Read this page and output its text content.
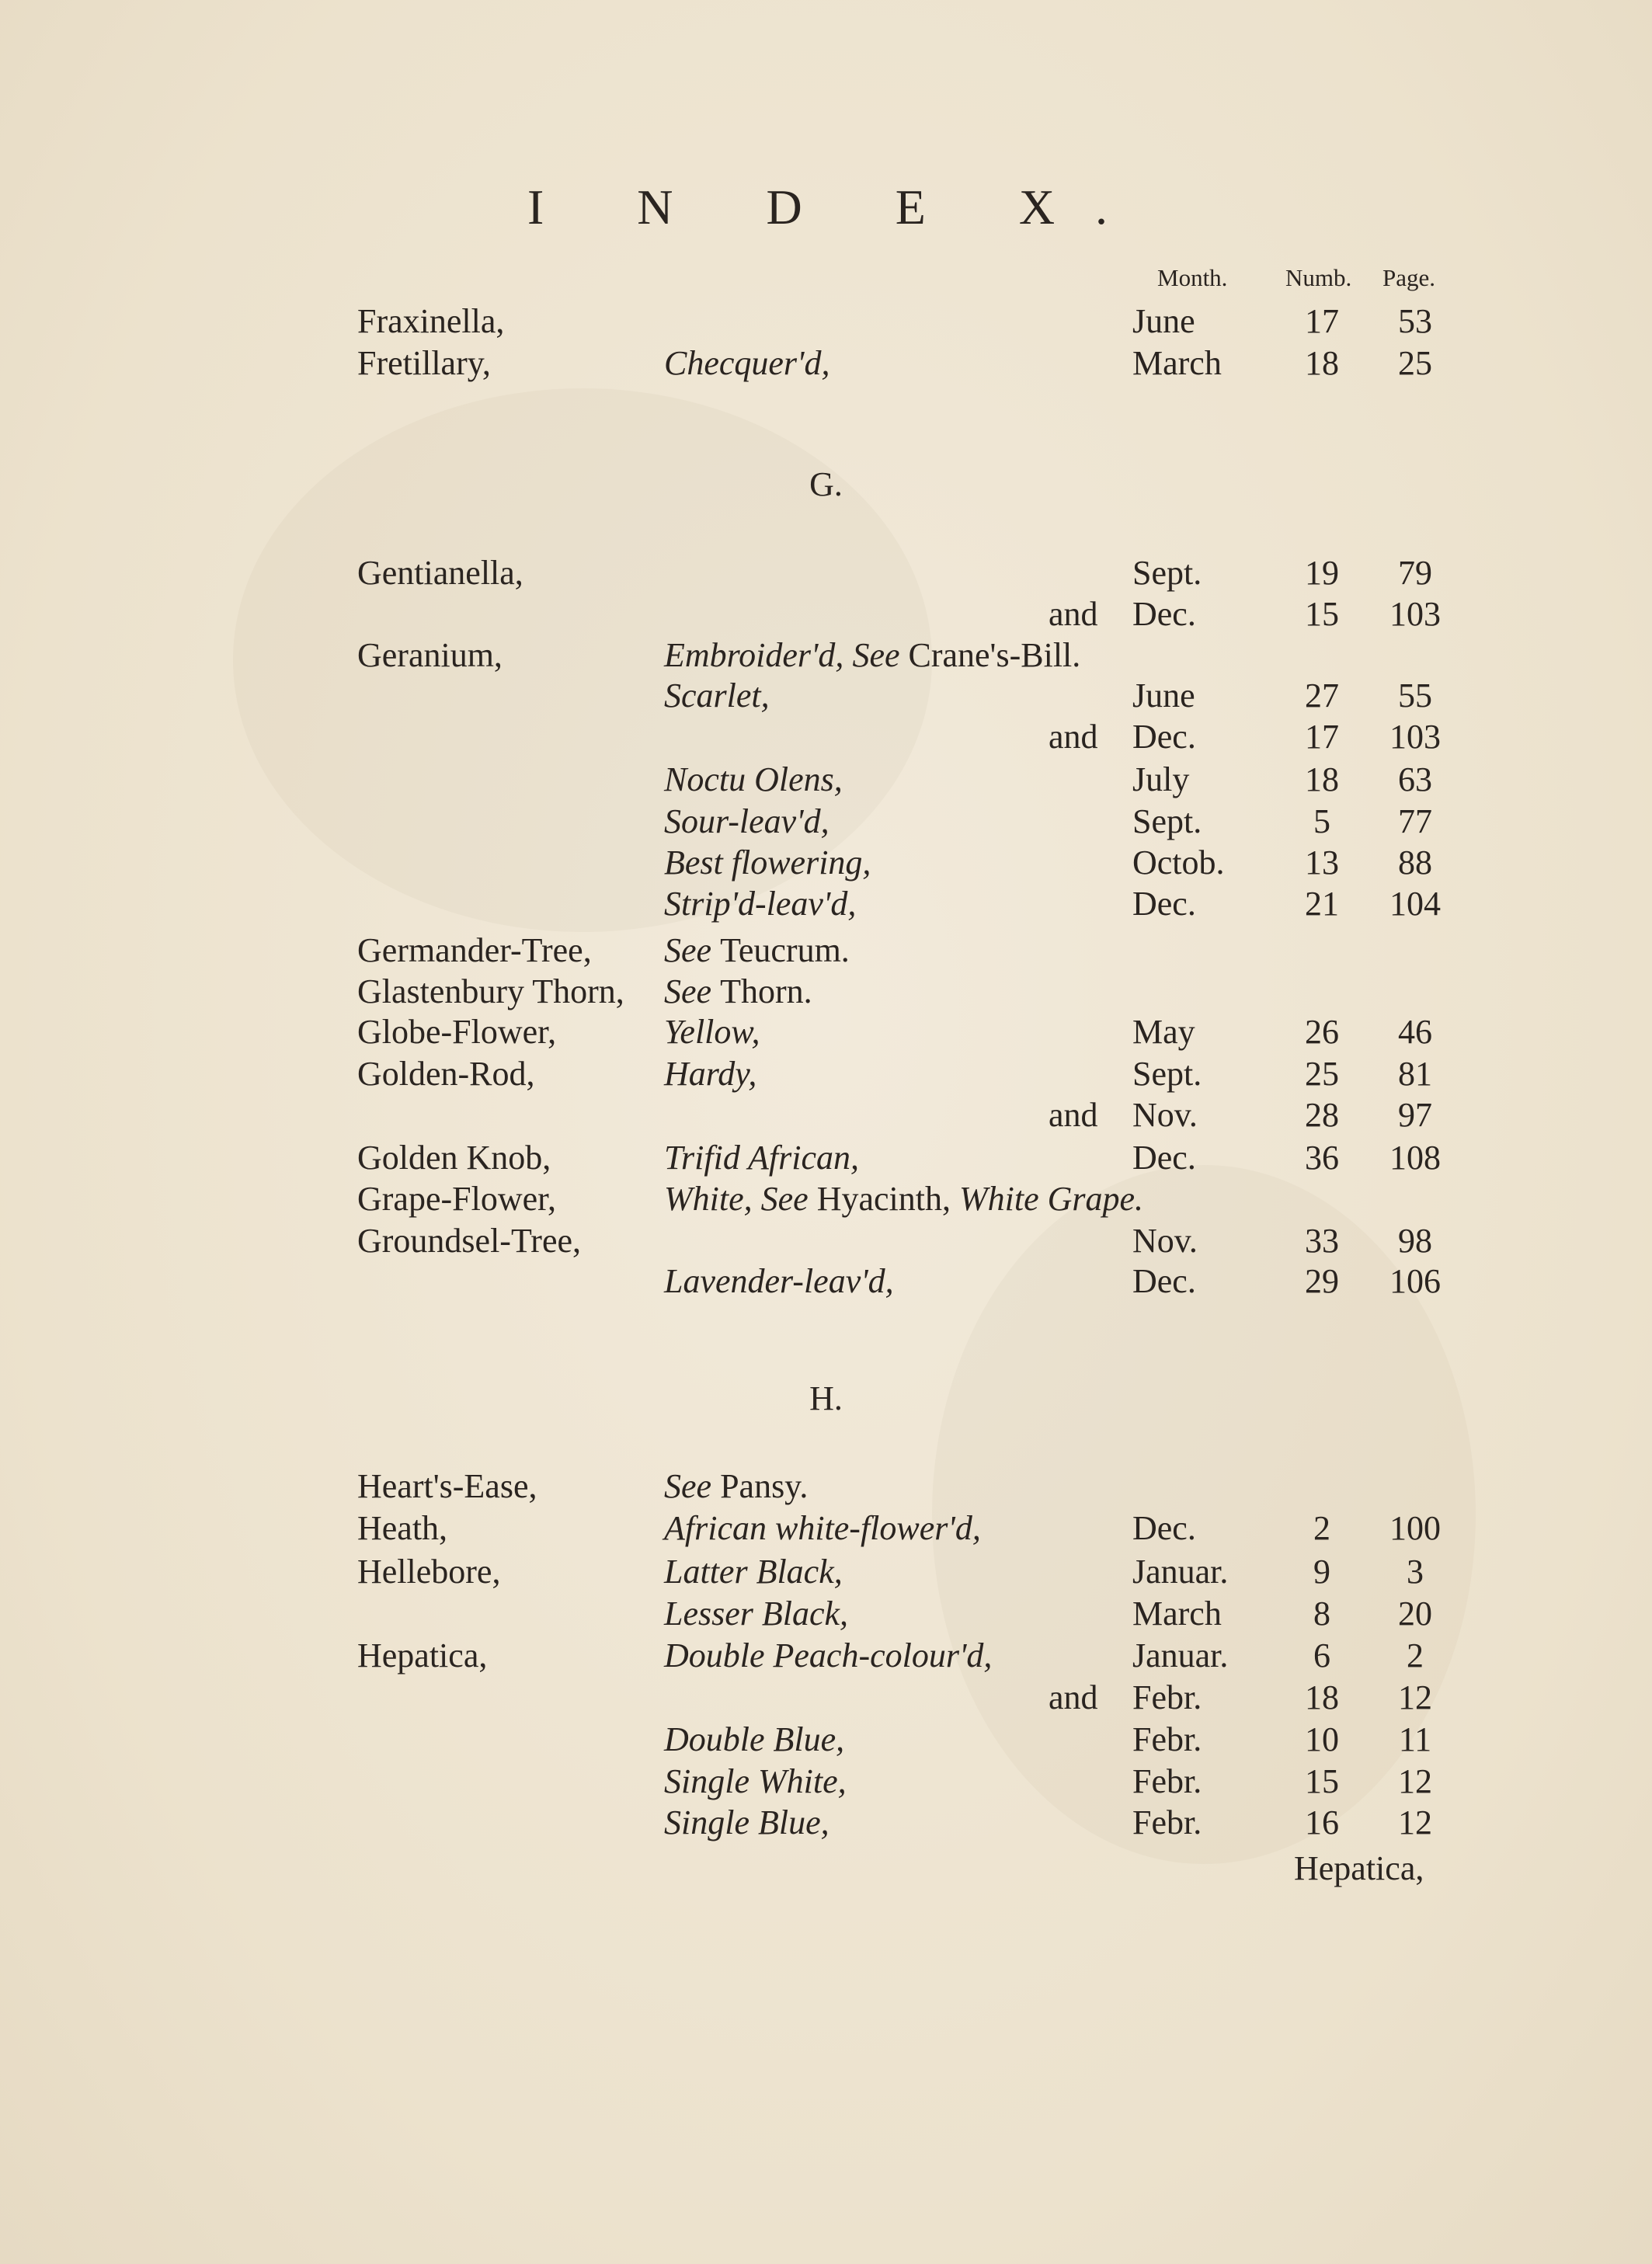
I N D E X.
Month. Numb. Page.
G.
H.
Fraxinella,	June	17	53
Fretillary,	Checquer'd,	March 18	25
Gentianella,	Sept.	19	79
and Dec.	15 103
Geranium,	Embroider'd, See Crane's-Bill.
Scarlet,	June	27	55
and Dec.	17 103
Noctu Olens,	July	18	63
Sour-leav'd,	Sept.	5	77
Best flowering,	Octob. 13	88
Strip'd-leav'd,	Dec.	21 104
Germander-Tree, See Teucrum.
Glastenbury Thorn, See Thorn.
Globe-Flower,	Yellow,	May	26	46
Golden-Rod,	Hardy,	Sept.	25	81
and Nov.	28	97
Golden Knob,	Trifid African,	Dec.	36 108
Grape-Flower,	White, See Hyacinth, White Grape.
Groundsel-Tree,	Nov.	33	98
Lavender-leav'd,	Dec.	29 106
Heart's-Ease,	See Pansy.
Heath,	African white-flower'd,	Dec.	2	100
Hellebore,	Latter Black,	Januar.	9	3
Lesser Black,	March	8	20
Hepatica,	Double Peach-colour'd,	Januar.	6	2
and Febr.	18	12
Double Blue,	Febr.	10	11
Single White,	Febr.	15	12
Single Blue,	Febr.	16	12
Hepatica,
